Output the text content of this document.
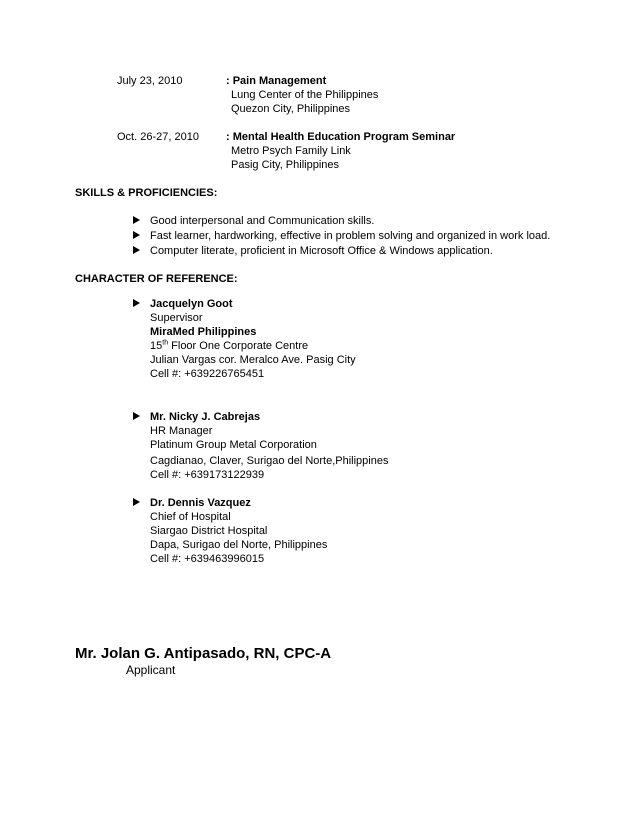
July 23, 2010	: Pain Management
Lung Center of the Philippines
Quezon City, Philippines
Oct. 26-27, 2010 : Mental Health Education Program Seminar
Metro Psych Family Link
Pasig City, Philippines
SKILLS & PROFICIENCIES:
Good interpersonal and Communication skills.
Fast learner, hardworking, effective in problem solving and organized in work load.
Computer literate, proficient in Microsoft Office & Windows application.
CHARACTER OF REFERENCE:
Jacquelyn Goot
Supervisor
MiraMed Philippines
15th Floor One Corporate Centre
Julian Vargas cor. Meralco Ave. Pasig City
Cell #: +639226765451
Mr. Nicky J. Cabrejas
HR Manager
Platinum Group Metal Corporation
Cagdianao, Claver, Surigao del Norte,Philippines
Cell #: +639173122939
Dr. Dennis Vazquez
Chief of Hospital
Siargao District Hospital
Dapa, Surigao del Norte, Philippines
Cell #: +639463996015
Mr. Jolan G. Antipasado, RN, CPC-A
Applicant
